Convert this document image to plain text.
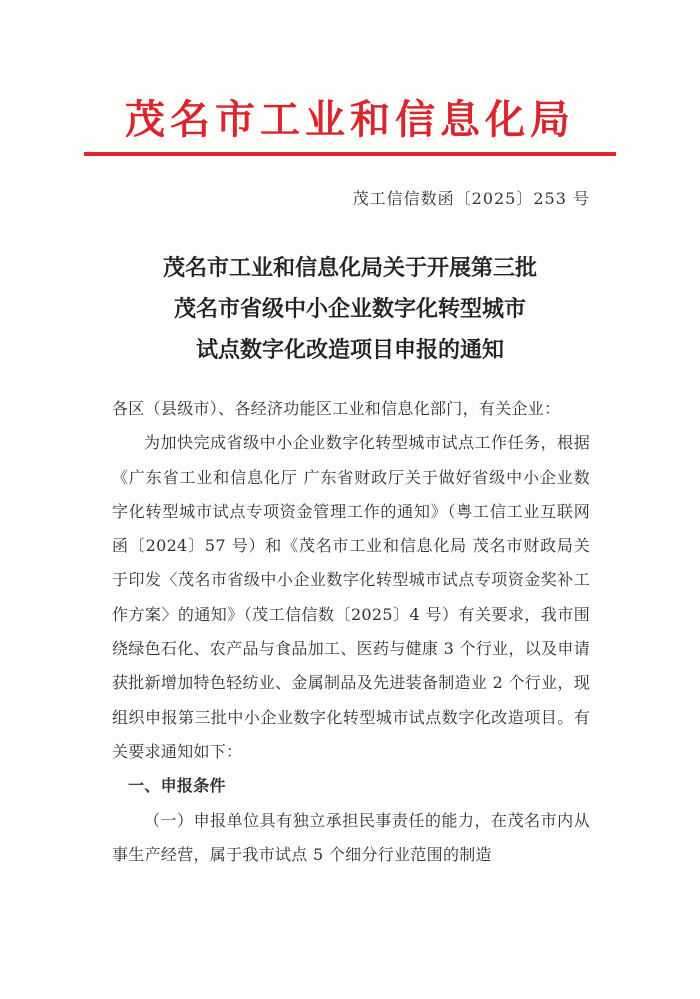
茂名市工业和信息化局
茂工信信数函〔2025〕253 号
茂名市工业和信息化局关于开展第三批
茂名市省级中小企业数字化转型城市
试点数字化改造项目申报的通知

各区（县级市）、各经济功能区工业和信息化部门，有关企业：

为加快完成省级中小企业数字化转型城市试点工作任务，根据《广东省工业和信息化厅 广东省财政厅关于做好省级中小企业数字化转型城市试点专项资金管理工作的通知》（粤工信工业互联网函〔2024〕57 号）和《茂名市工业和信息化局 茂名市财政局关于印发〈茂名市省级中小企业数字化转型城市试点专项资金奖补工作方案〉的通知》（茂工信信数〔2025〕4 号）有关要求，我市围绕绿色石化、农产品与食品加工、医药与健康 3 个行业，以及申请获批新增加特色轻纺业、金属制品及先进装备制造业 2 个行业，现组织申报第三批中小企业数字化转型城市试点数字化改造项目。有关要求通知如下：

一、申报条件

（一）申报单位具有独立承担民事责任的能力，在茂名市内从事生产经营，属于我市试点 5 个细分行业范围的制造
